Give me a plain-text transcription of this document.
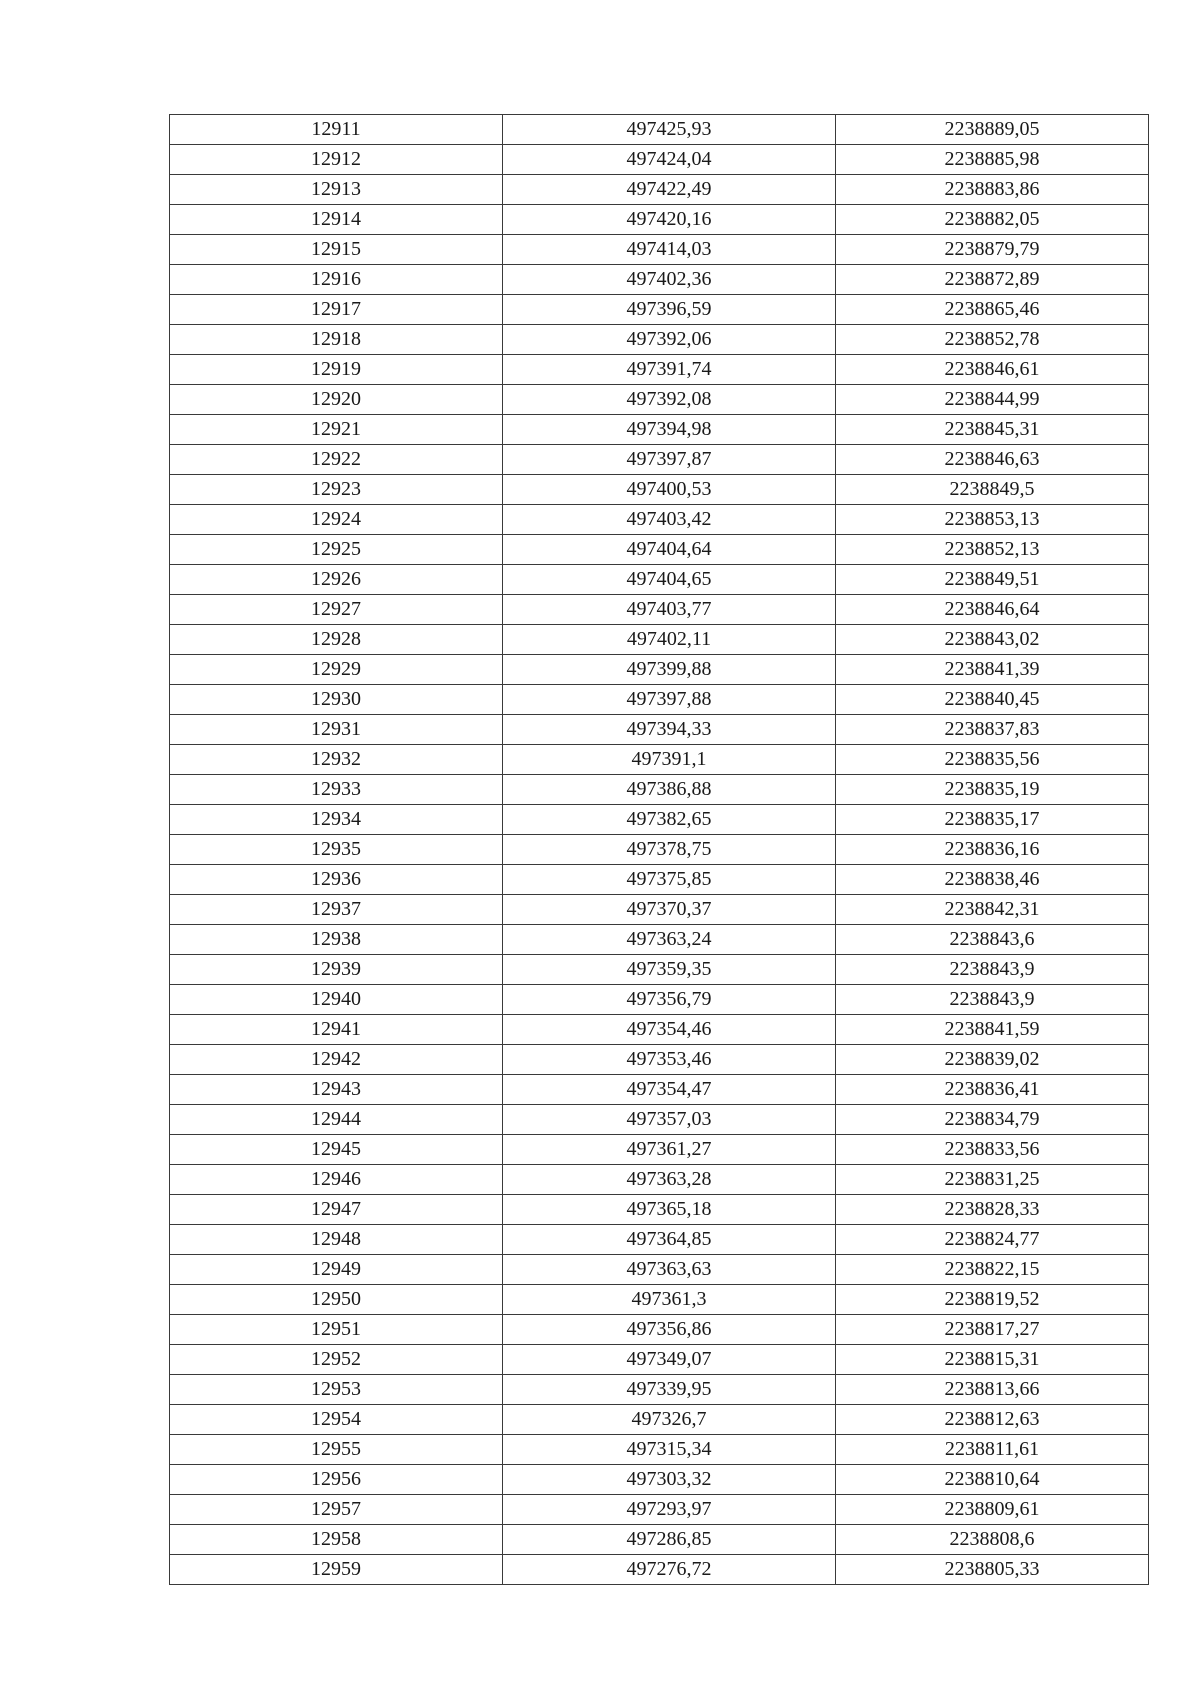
12911	497425,93	2238889,05
12912	497424,04	2238885,98
12913	497422,49	2238883,86
12914	497420,16	2238882,05
12915	497414,03	2238879,79
12916	497402,36	2238872,89
12917	497396,59	2238865,46
12918	497392,06	2238852,78
12919	497391,74	2238846,61
12920	497392,08	2238844,99
12921	497394,98	2238845,31
12922	497397,87	2238846,63
12923	497400,53	2238849,5
12924	497403,42	2238853,13
12925	497404,64	2238852,13
12926	497404,65	2238849,51
12927	497403,77	2238846,64
12928	497402,11	2238843,02
12929	497399,88	2238841,39
12930	497397,88	2238840,45
12931	497394,33	2238837,83
12932	497391,1	2238835,56
12933	497386,88	2238835,19
12934	497382,65	2238835,17
12935	497378,75	2238836,16
12936	497375,85	2238838,46
12937	497370,37	2238842,31
12938	497363,24	2238843,6
12939	497359,35	2238843,9
12940	497356,79	2238843,9
12941	497354,46	2238841,59
12942	497353,46	2238839,02
12943	497354,47	2238836,41
12944	497357,03	2238834,79
12945	497361,27	2238833,56
12946	497363,28	2238831,25
12947	497365,18	2238828,33
12948	497364,85	2238824,77
12949	497363,63	2238822,15
12950	497361,3	2238819,52
12951	497356,86	2238817,27
12952	497349,07	2238815,31
12953	497339,95	2238813,66
12954	497326,7	2238812,63
12955	497315,34	2238811,61
12956	497303,32	2238810,64
12957	497293,97	2238809,61
12958	497286,85	2238808,6
12959	497276,72	2238805,33
